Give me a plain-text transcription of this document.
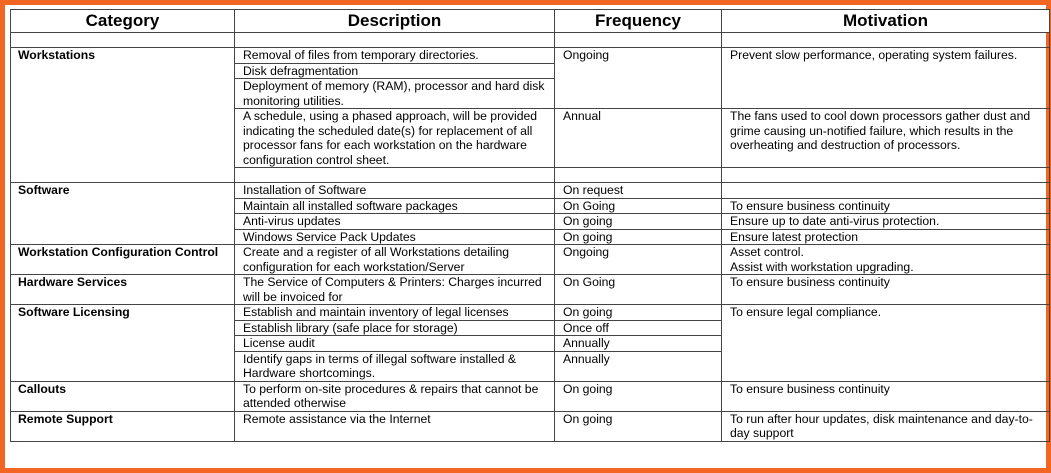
Category	Description	Frequency	Motivation

Workstations	Removal of files from temporary directories.	Ongoing	Prevent slow performance, operating system failures.
	Disk defragmentation		
	Deployment of memory (RAM), processor and hard disk monitoring utilities.		
	A schedule, using a phased approach, will be provided indicating the scheduled date(s) for replacement of all processor fans for each workstation on the hardware configuration control sheet.	Annual	The fans used to cool down processors gather dust and grime causing un-notified failure, which results in the overheating and destruction of processors.

Software	Installation of Software	On request	
	Maintain all installed software packages	On Going	To ensure business continuity
	Anti-virus updates	On going	Ensure up to date anti-virus protection.
	Windows Service Pack Updates	On going	Ensure latest protection
Workstation Configuration Control	Create and a register of all Workstations detailing configuration for each workstation/Server	Ongoing	Asset control.
Assist with workstation upgrading.

Hardware Services	The Service of Computers & Printers: Charges incurred will be invoiced for	On Going	To ensure business continuity
Software Licensing	Establish and maintain inventory of legal licenses	On going	To ensure legal compliance.
	Establish library (safe place for storage)	Once off	
	License audit	Annually	
	Identify gaps in terms of illegal software installed & Hardware shortcomings.	Annually	
Callouts	To perform on-site procedures & repairs that cannot be attended otherwise	On going	To ensure business continuity
Remote Support	Remote assistance via the Internet	On going	To run after hour updates, disk maintenance and day-to-day support
